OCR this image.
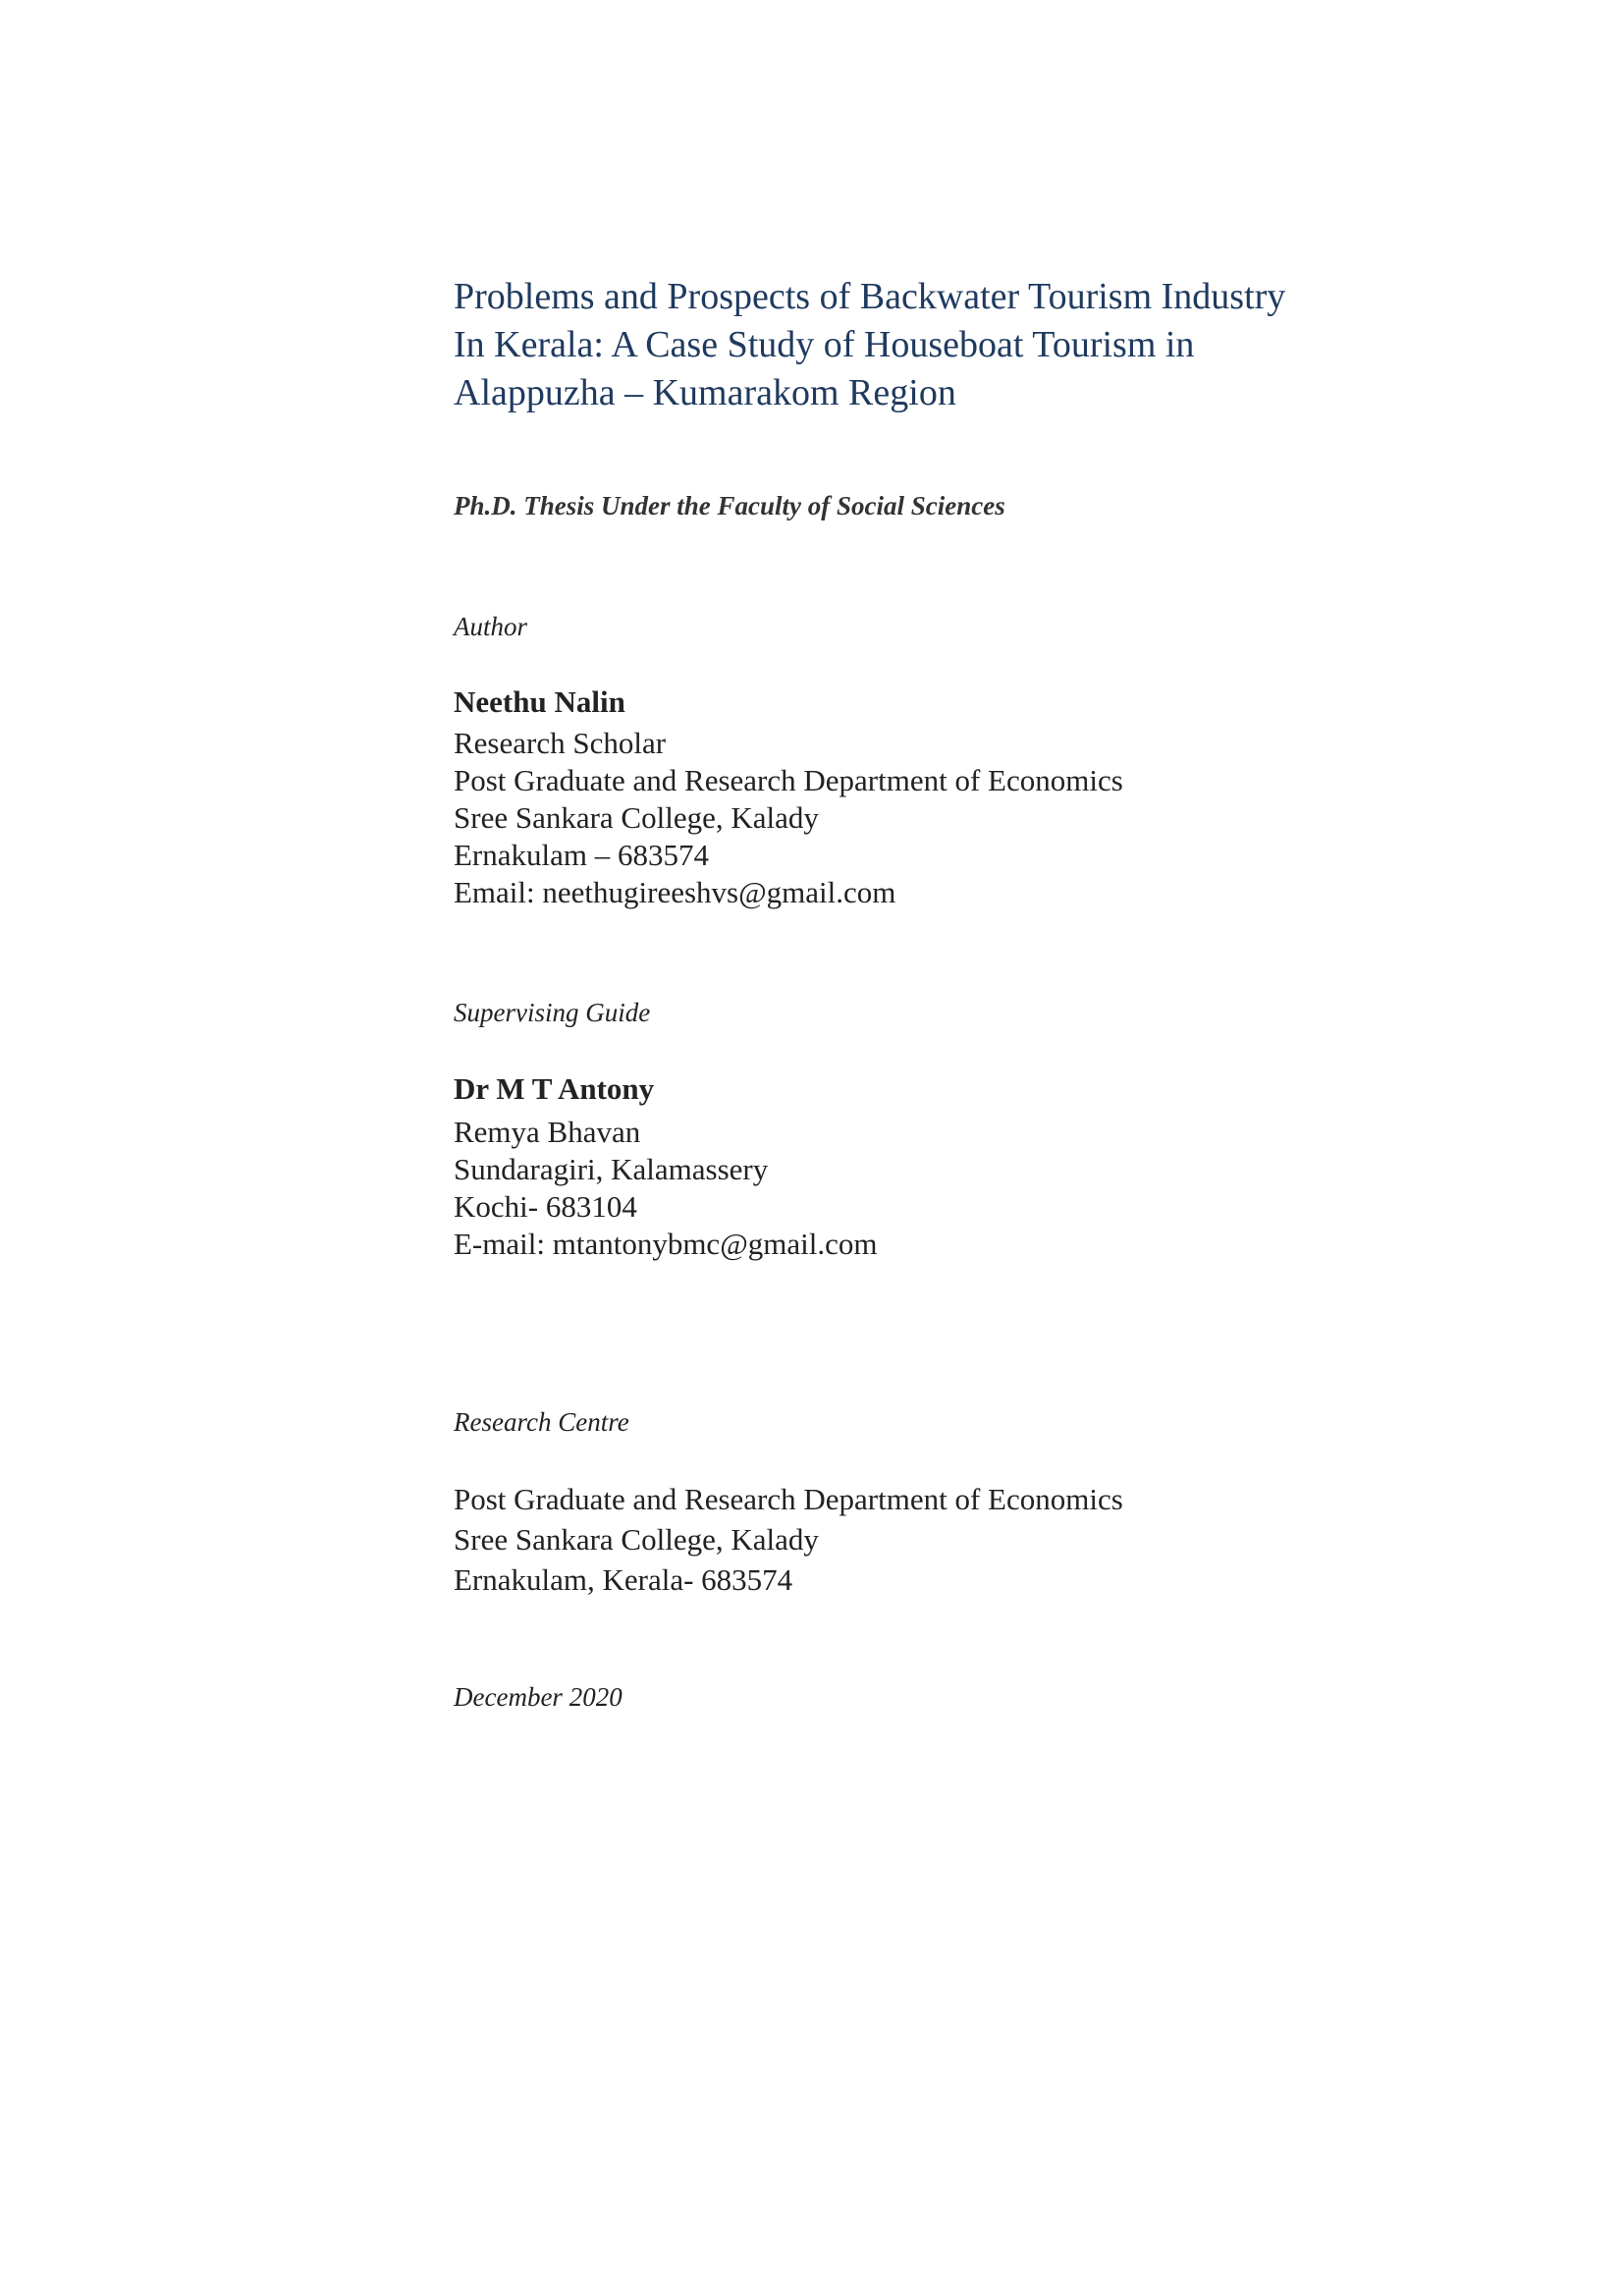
Problems and Prospects of Backwater Tourism Industry
In Kerala: A Case Study of Houseboat Tourism in
Alappuzha – Kumarakom Region
Ph.D. Thesis Under the Faculty of Social Sciences
Author
Neethu Nalin
Research Scholar
Post Graduate and Research Department of Economics
Sree Sankara College, Kalady
Ernakulam – 683574
Email: neethugireeshvs@gmail.com
Supervising Guide
Dr M T Antony
Remya Bhavan
Sundaragiri, Kalamassery
Kochi- 683104
E-mail: mtantonybmc@gmail.com
Research Centre
Post Graduate and Research Department of Economics
Sree Sankara College, Kalady
Ernakulam, Kerala- 683574
December 2020
